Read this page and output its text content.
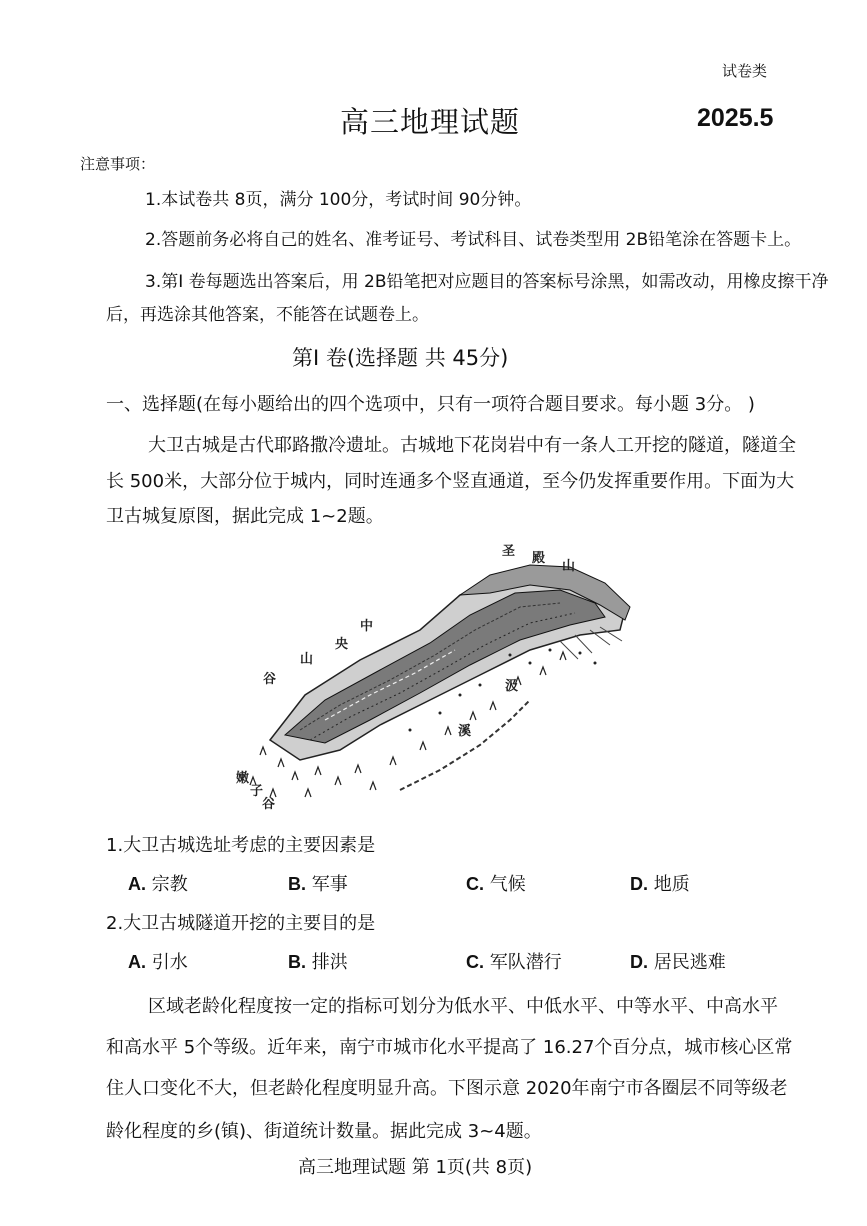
试卷类
高三地理试题	2025.5
注意事项：
1.本试卷共 8页，满分 100分，考试时间 90分钟。
2.答题前务必将自己的姓名、准考证号、考试科目、试卷类型用 2B铅笔涂在答题卡上。
3.第Ⅰ 卷每题选出答案后，用 2B铅笔把对应题目的答案标号涂黑，如需改动，用橡皮擦干净
后，再选涂其他答案，不能答在试题卷上。
第Ⅰ 卷(选择题 共 45分)
一、选择题(在每小题给出的四个选项中，只有一项符合题目要求。每小题 3分。 )
大卫古城是古代耶路撒冷遗址。古城地下花岗岩中有一条人工开挖的隧道，隧道全
长 500米，大部分位于城内，同时连通多个竖直通道，至今仍发挥重要作用。下面为大
卫古城复原图，据此完成 1~2题。
圣 殿
山
中
央
山
谷	汲
溪
嫩
子
谷
1.大卫古城选址考虑的主要因素是
A. 宗教	B. 军事	C. 气候	D. 地质
2.大卫古城隧道开挖的主要目的是
A. 引水	B. 排洪	C. 军队潜行	D. 居民逃难
区域老龄化程度按一定的指标可划分为低水平、中低水平、中等水平、中高水平
和高水平 5个等级。近年来，南宁市城市化水平提高了 16.27个百分点，城市核心区常
住人口变化不大，但老龄化程度明显升高。下图示意 2020年南宁市各圈层不同等级老
龄化程度的乡(镇)、街道统计数量。据此完成 3~4题。
高三地理试题 第 1页(共 8页)
